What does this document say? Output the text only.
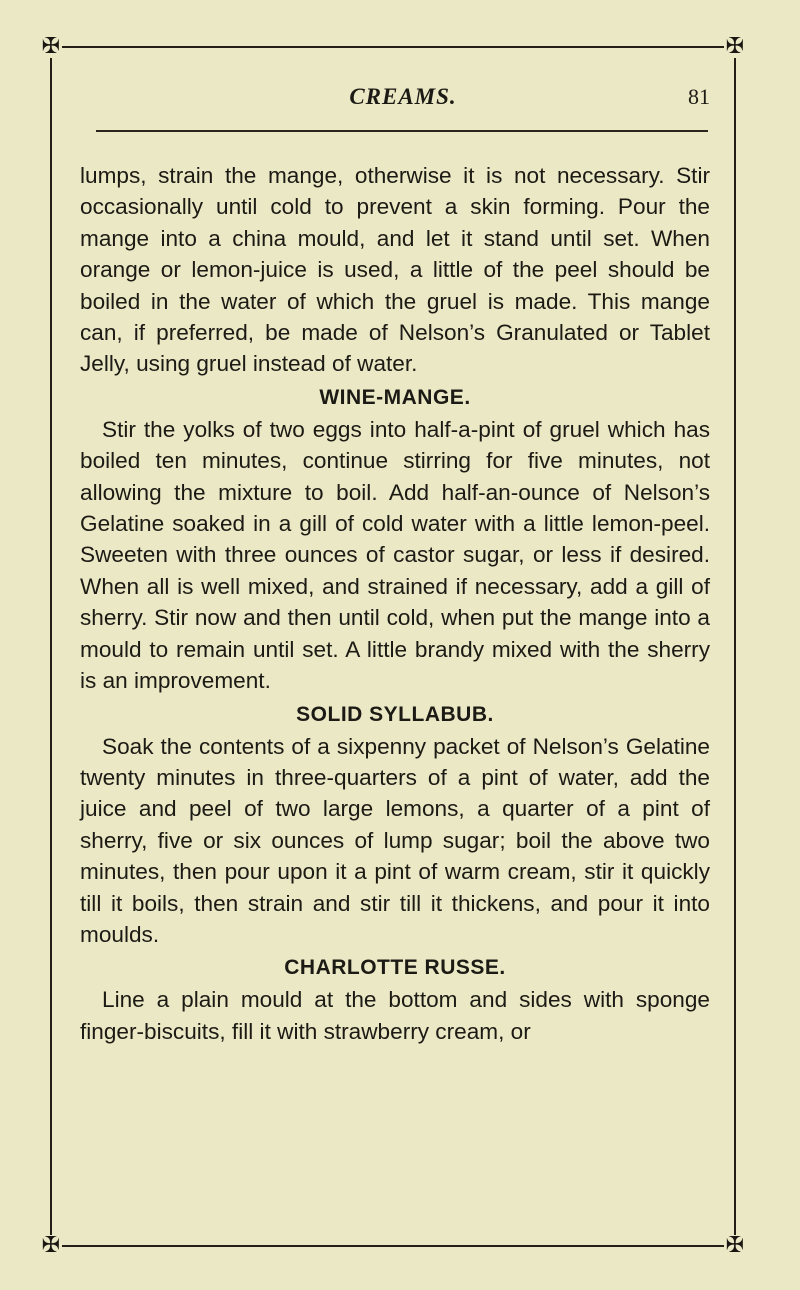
✠	✠
✠	✠
CREAMS.	81

lumps, strain the mange, otherwise it is not necessary. Stir occasionally until cold to prevent a skin forming. Pour the mange into a china mould, and let it stand until set. When orange or lemon-juice is used, a little of the peel should be boiled in the water of which the gruel is made. This mange can, if preferred, be made of Nelson’s Granulated or Tablet Jelly, using gruel instead of water.

WINE-MANGE.

Stir the yolks of two eggs into half-a-pint of gruel which has boiled ten minutes, continue stirring for five minutes, not allowing the mixture to boil. Add half-an-ounce of Nelson’s Gelatine soaked in a gill of cold water with a little lemon-peel. Sweeten with three ounces of castor sugar, or less if desired. When all is well mixed, and strained if necessary, add a gill of sherry. Stir now and then until cold, when put the mange into a mould to remain until set. A little brandy mixed with the sherry is an improvement.

SOLID SYLLABUB.

Soak the contents of a sixpenny packet of Nelson’s Gelatine twenty minutes in three-quarters of a pint of water, add the juice and peel of two large lemons, a quarter of a pint of sherry, five or six ounces of lump sugar; boil the above two minutes, then pour upon it a pint of warm cream, stir it quickly till it boils, then strain and stir till it thickens, and pour it into moulds.

CHARLOTTE RUSSE.

Line a plain mould at the bottom and sides with sponge finger-biscuits, fill it with strawberry cream, or
